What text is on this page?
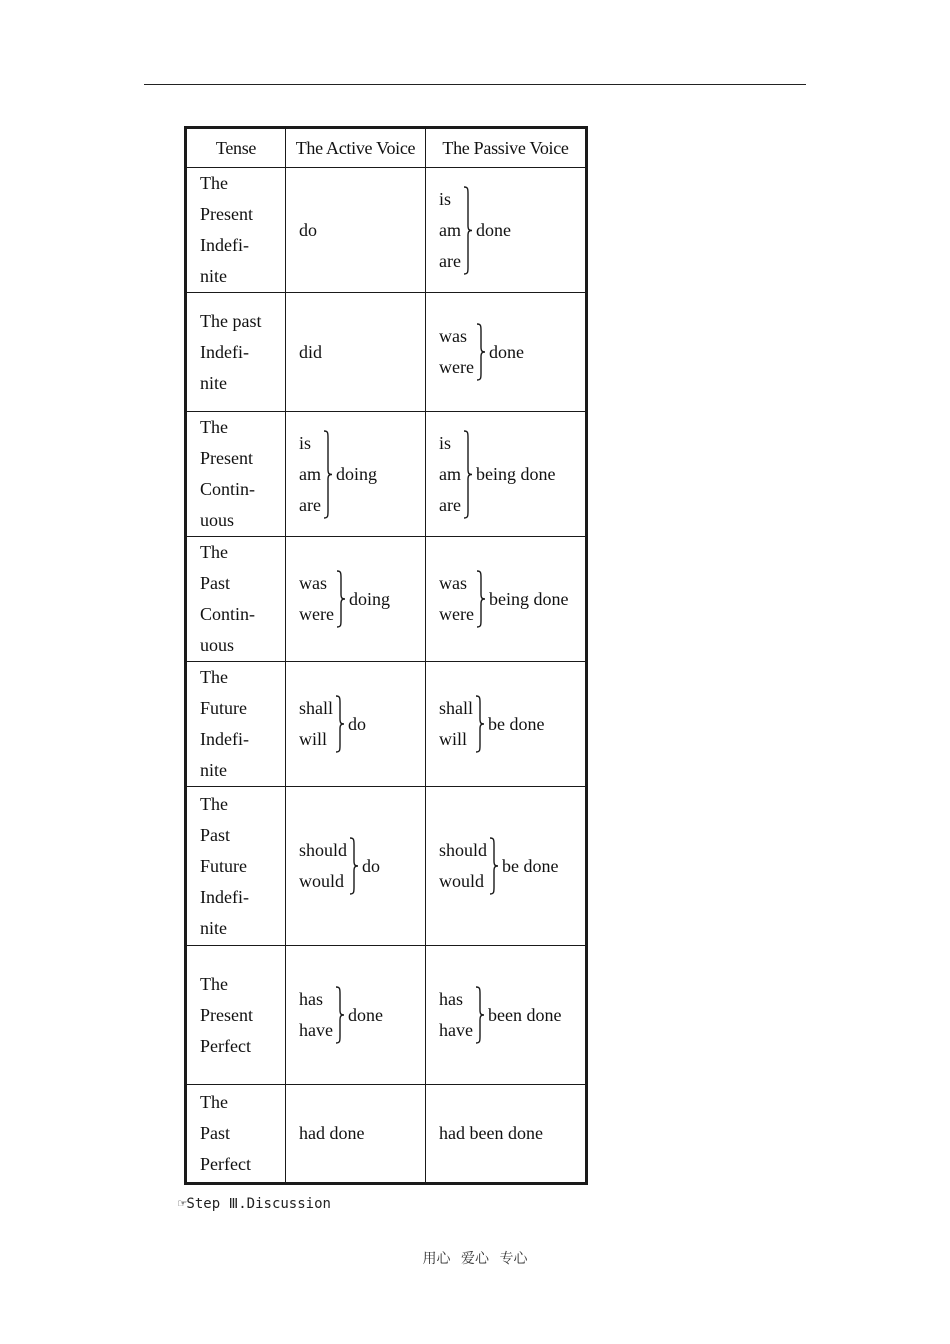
Tense	The Active Voice	The Passive Voice

The
Present
Indefi-
nite	do	is
am
are
done

The past
Indefi-
nite	did	was
were
done

The
Present
Contin-
uous	is
am
are
doing	is
am
are
being done

The
Past
Contin-
uous	was
were
doing	was
were
being done

The
Future
Indefi-
nite	shall
will
do	shall
will
be done

The
Past
Future
Indefi-
nite	should
would
do	should
would
be done

The
Present
Perfect	has
have
done	has
have
been done

The
Past
Perfect	had done	had been done
☞Step Ⅲ.Discussion
用心 爱心 专心
